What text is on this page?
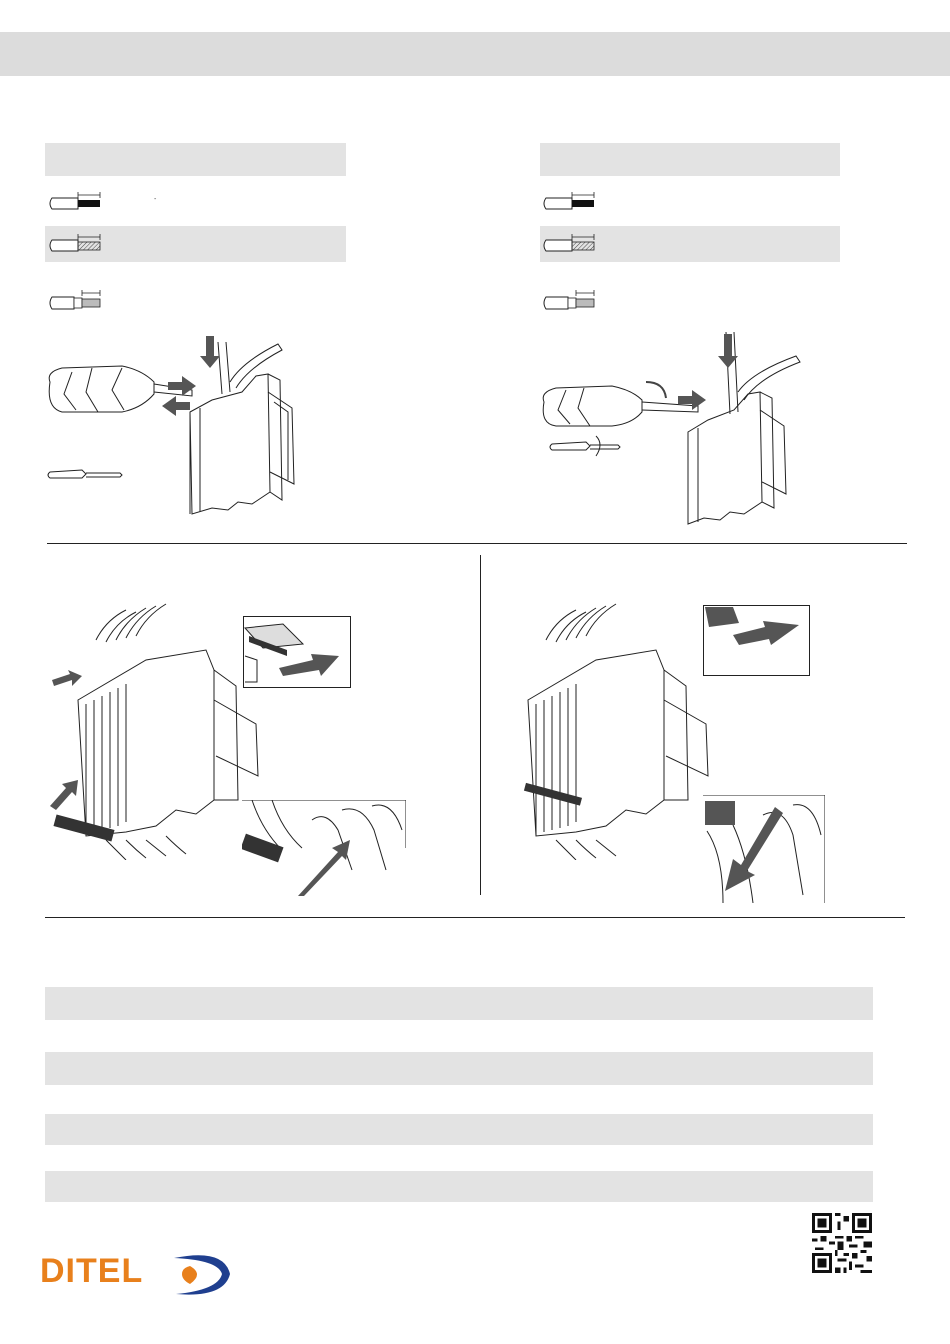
-
DITEL
